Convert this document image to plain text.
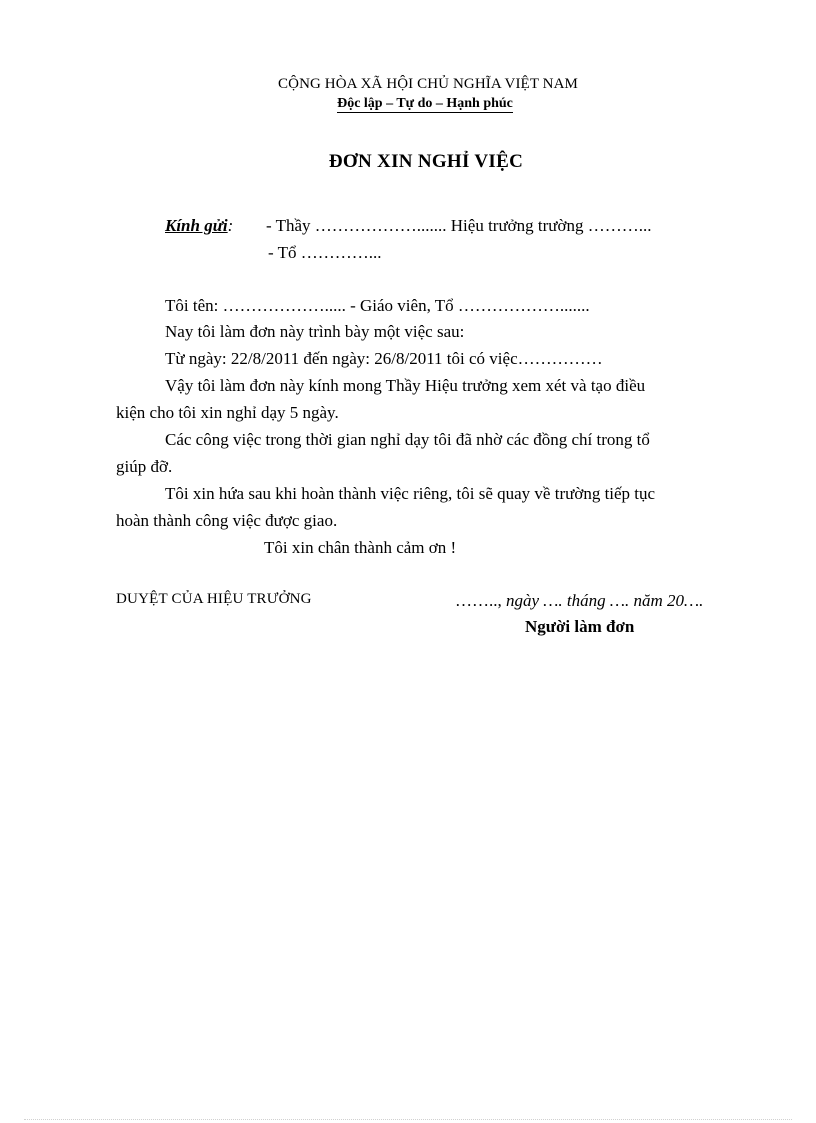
CỘNG HÒA XÃ HỘI CHỦ NGHĨA VIỆT NAM
Độc lập – Tự do – Hạnh phúc
ĐƠN XIN NGHỈ VIỆC
Kính gửi: - Thầy ………………....... Hiệu trưởng trường ………...
- Tổ …………...
Tôi tên: ………………..... - Giáo viên, Tổ ……………….......
Nay tôi làm đơn này trình bày một việc sau:
Từ ngày: 22/8/2011 đến ngày: 26/8/2011 tôi có việc……………
Vậy tôi làm đơn này kính mong Thầy Hiệu trưởng xem xét và tạo điều
kiện cho tôi xin nghỉ dạy 5 ngày.
Các công việc trong thời gian nghỉ dạy tôi đã nhờ các đồng chí trong tổ
giúp đỡ.
Tôi xin hứa sau khi hoàn thành việc riêng, tôi sẽ quay về trường tiếp tục
hoàn thành công việc được giao.
Tôi xin chân thành cảm ơn !
DUYỆT CỦA HIỆU TRƯỞNG	…….., ngày …. tháng …. năm 20….
Người làm đơn
